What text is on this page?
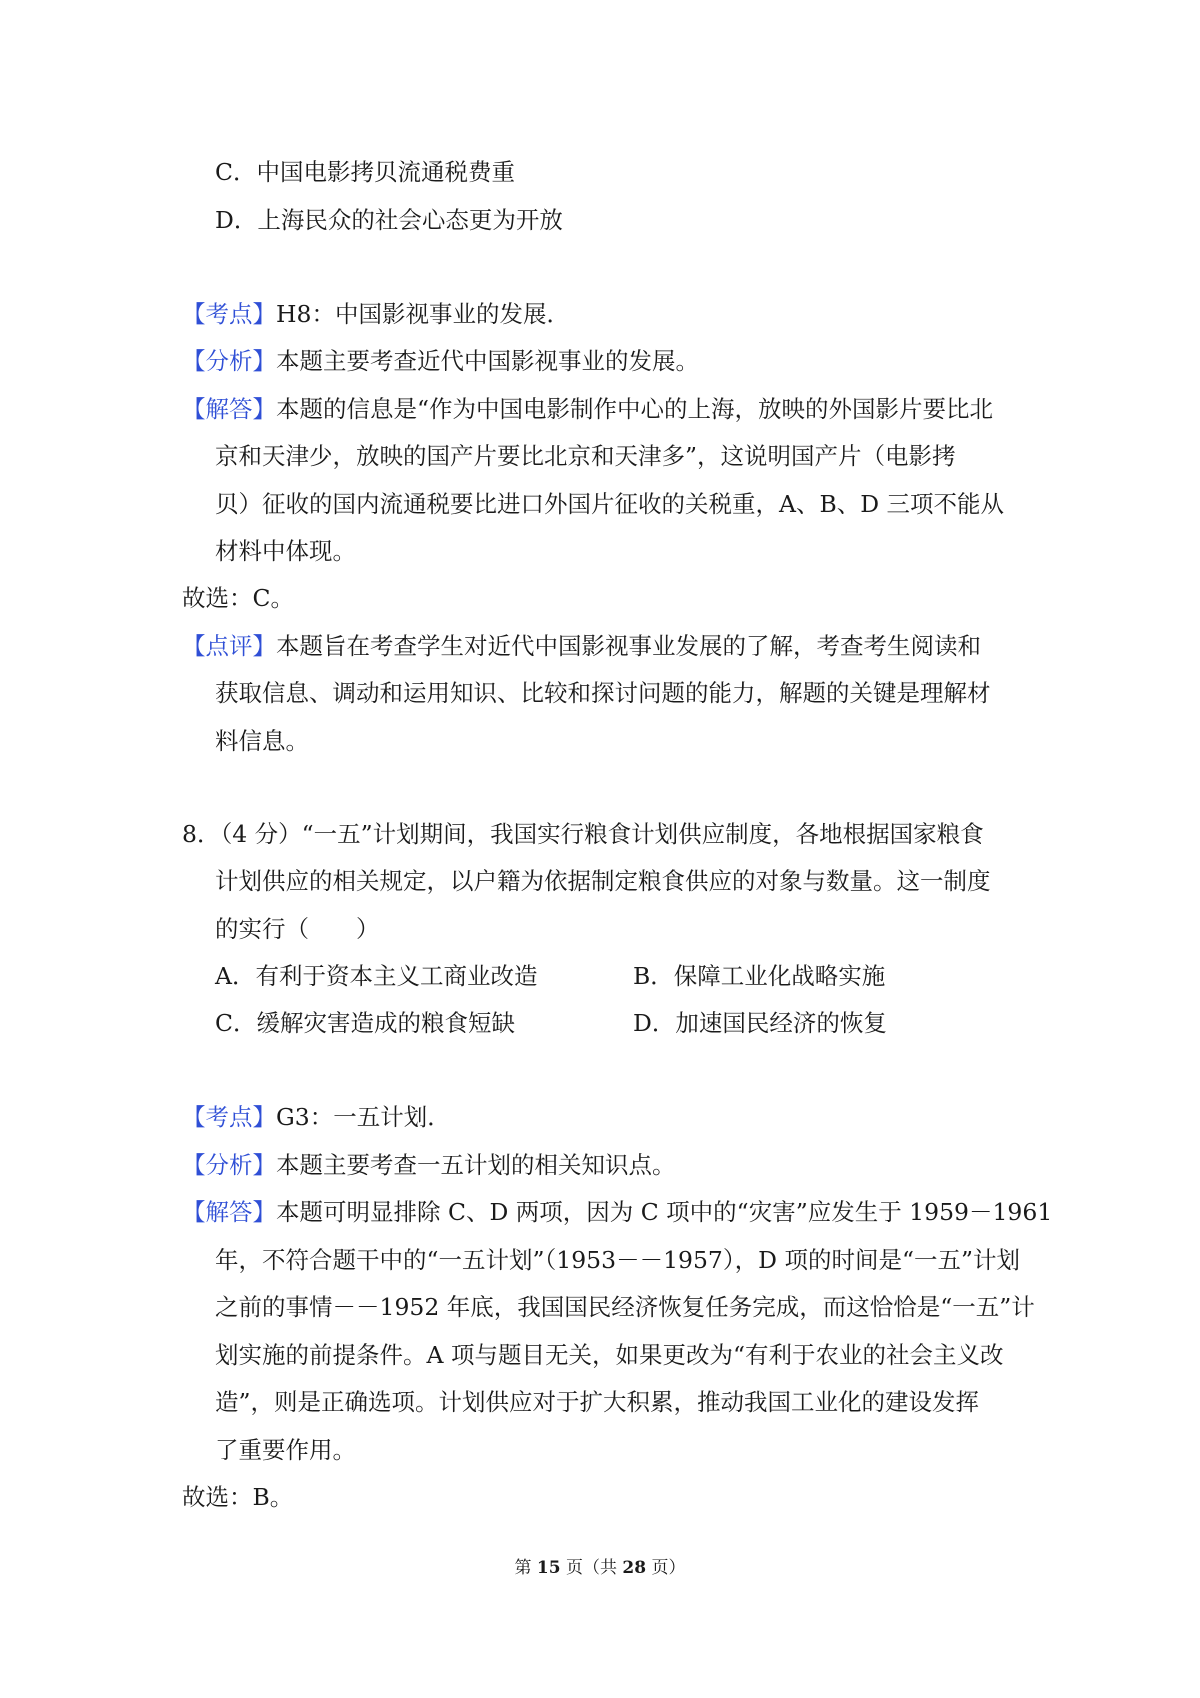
C．中国电影拷贝流通税费重
D．上海民众的社会心态更为开放
【考点】H8：中国影视事业的发展．
【分析】本题主要考查近代中国影视事业的发展。
【解答】本题的信息是“作为中国电影制作中心的上海，放映的外国影片要比北
京和天津少，放映的国产片要比北京和天津多”，这说明国产片（电影拷
贝）征收的国内流通税要比进口外国片征收的关税重，A、B、D 三项不能从
材料中体现。
故选：C。
【点评】本题旨在考查学生对近代中国影视事业发展的了解，考查考生阅读和
获取信息、调动和运用知识、比较和探讨问题的能力，解题的关键是理解材
料信息。
8．（4 分）“一五”计划期间，我国实行粮食计划供应制度，各地根据国家粮食
计划供应的相关规定，以户籍为依据制定粮食供应的对象与数量。这一制度
的实行（　　）
A．有利于资本主义工商业改造	B．保障工业化战略实施
C．缓解灾害造成的粮食短缺	D．加速国民经济的恢复
【考点】G3：一五计划．
【分析】本题主要考查一五计划的相关知识点。
【解答】本题可明显排除 C、D 两项，因为 C 项中的“灾害”应发生于 1959－1961
年，不符合题干中的“一五计划”（1953－－1957），D 项的时间是“一五”计划
之前的事情－－1952 年底，我国国民经济恢复任务完成，而这恰恰是“一五”计
划实施的前提条件。A 项与题目无关，如果更改为“有利于农业的社会主义改
造”，则是正确选项。计划供应对于扩大积累，推动我国工业化的建设发挥
了重要作用。
故选：B。
第 15 页（共 28 页）
